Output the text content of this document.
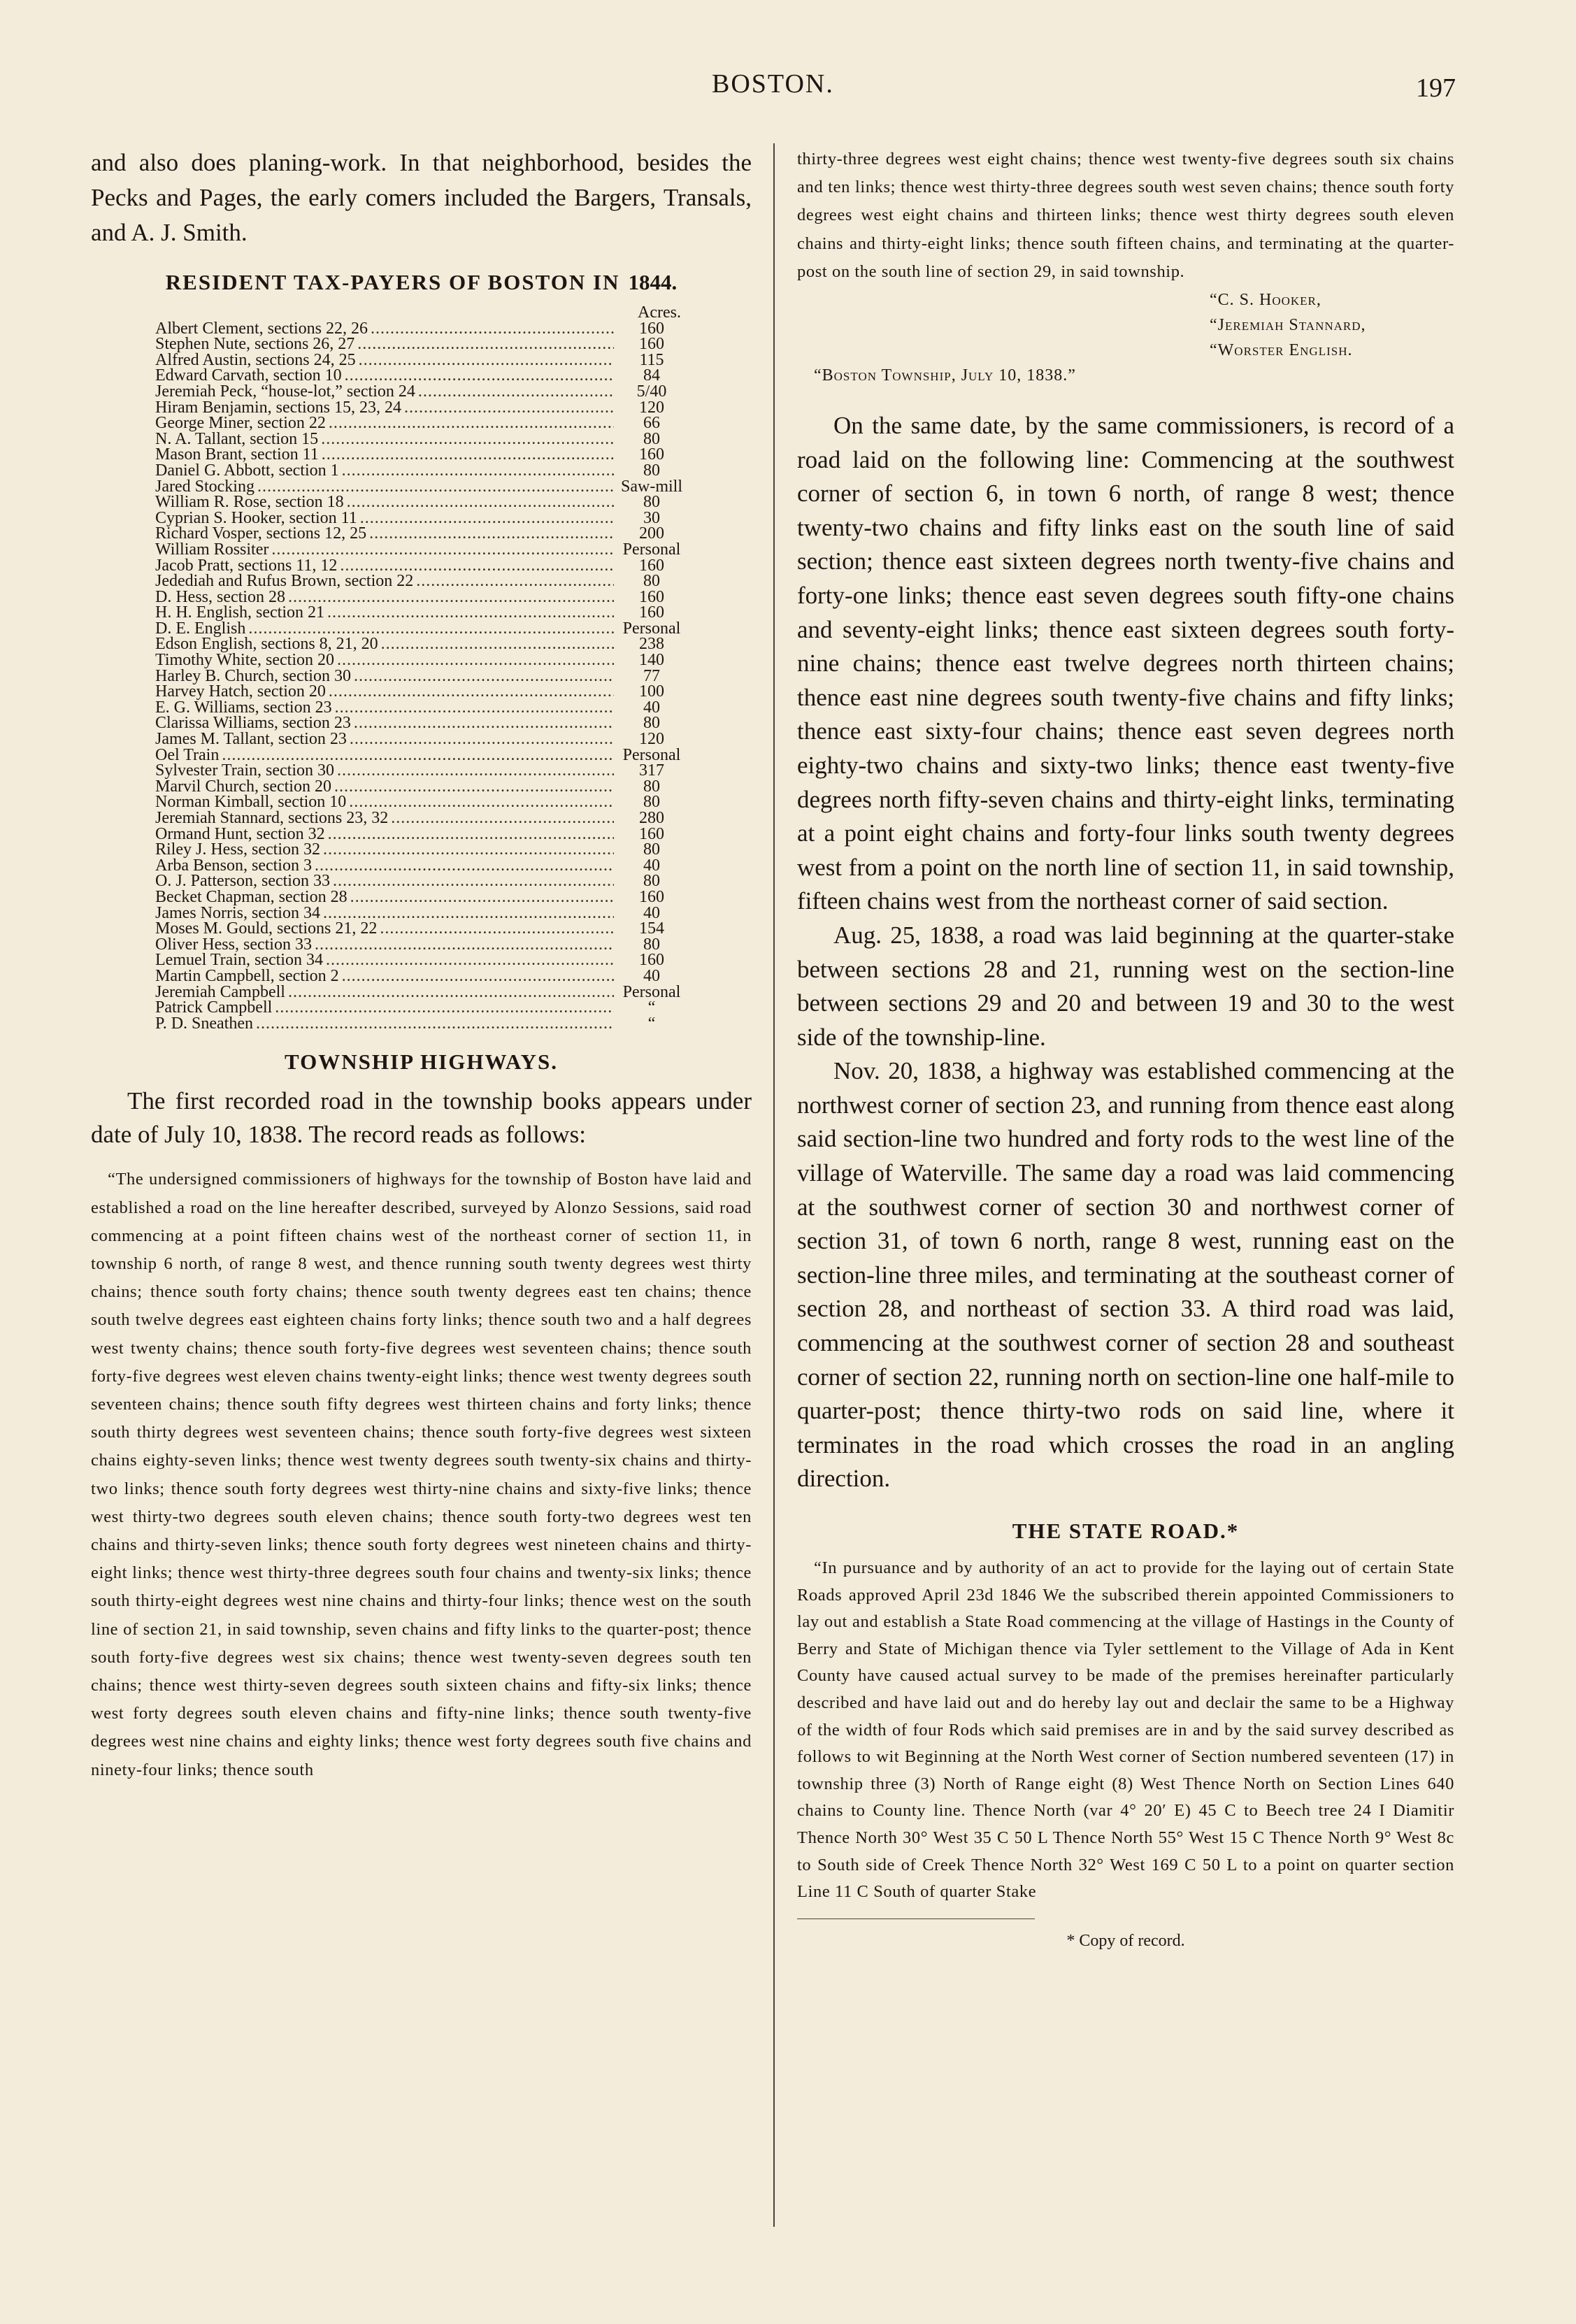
BOSTON.	197

and also does planing-work. In that neighborhood, besides the Pecks and Pages, the early comers included the Bargers, Transals, and A. J. Smith.

RESIDENT TAX-PAYERS OF BOSTON IN 1844.
Acres.
Albert Clement, sections 22, 26 .....	160
Stephen Nute, sections 26, 27 .....	160
Alfred Austin, sections 24, 25 .....	115
Edward Carvath, section 10 .....	84
Jeremiah Peck, “house-lot,” section 24 .....	5/40
Hiram Benjamin, sections 15, 23, 24 .....	120
George Miner, section 22 .....	66
N. A. Tallant, section 15 .....	80
Mason Brant, section 11 .....	160
Daniel G. Abbott, section 1 .....	80
Jared Stocking .....	Saw-mill
William R. Rose, section 18 .....	80
Cyprian S. Hooker, section 11 .....	30
Richard Vosper, sections 12, 25 .....	200
William Rossiter .....	Personal
Jacob Pratt, sections 11, 12 .....	160
Jedediah and Rufus Brown, section 22 .....	80
D. Hess, section 28 .....	160
H. H. English, section 21 .....	160
D. E. English .....	Personal
Edson English, sections 8, 21, 20 .....	238
Timothy White, section 20 .....	140
Harley B. Church, section 30 .....	77
Harvey Hatch, section 20 .....	100
E. G. Williams, section 23 .....	40
Clarissa Williams, section 23 .....	80
James M. Tallant, section 23 .....	120
Oel Train .....	Personal
Sylvester Train, section 30 .....	317
Marvil Church, section 20 .....	80
Norman Kimball, section 10 .....	80
Jeremiah Stannard, sections 23, 32 .....	280
Ormand Hunt, section 32 .....	160
Riley J. Hess, section 32 .....	80
Arba Benson, section 3 .....	40
O. J. Patterson, section 33 .....	80
Becket Chapman, section 28 .....	160
James Norris, section 34 .....	40
Moses M. Gould, sections 21, 22 .....	154
Oliver Hess, section 33 .....	80
Lemuel Train, section 34 .....	160
Martin Campbell, section 2 .....	40
Jeremiah Campbell .....	Personal
Patrick Campbell .....	“
P. D. Sneathen .....	“
TOWNSHIP HIGHWAYS.

The first recorded road in the township books appears under date of July 10, 1838. The record reads as follows:

“The undersigned commissioners of highways for the township of Boston have laid and established a road on the line hereafter described, surveyed by Alonzo Sessions, said road commencing at a point fifteen chains west of the northeast corner of section 11, in township 6 north, of range 8 west, and thence running south twenty degrees west thirty chains; thence south forty chains; thence south twenty degrees east ten chains; thence south twelve degrees east eighteen chains forty links; thence south two and a half degrees west twenty chains; thence south forty-five degrees west seventeen chains; thence south forty-five degrees west eleven chains twenty-eight links; thence west twenty degrees south seventeen chains; thence south fifty degrees west thirteen chains and forty links; thence south thirty degrees west seventeen chains; thence south forty-five degrees west sixteen chains eighty-seven links; thence west twenty degrees south twenty-six chains and thirty-two links; thence south forty degrees west thirty-nine chains and sixty-five links; thence west thirty-two degrees south eleven chains; thence south forty-two degrees west ten chains and thirty-seven links; thence south forty degrees west nineteen chains and thirty-eight links; thence west thirty-three degrees south four chains and twenty-six links; thence south thirty-eight degrees west nine chains and thirty-four links; thence west on the south line of section 21, in said township, seven chains and fifty links to the quarter-post; thence south forty-five degrees west six chains; thence west twenty-seven degrees south ten chains; thence west thirty-seven degrees south sixteen chains and fifty-six links; thence west forty degrees south eleven chains and fifty-nine links; thence south twenty-five degrees west nine chains and eighty links; thence west forty degrees south five chains and ninety-four links; thence south

thirty-three degrees west eight chains; thence west twenty-five degrees south six chains and ten links; thence west thirty-three degrees south west seven chains; thence south forty degrees west eight chains and thirteen links; thence west thirty degrees south eleven chains and thirty-eight links; thence south fifteen chains, and terminating at the quarter-post on the south line of section 29, in said township.

“C. S. Hooker,
“Jeremiah Stannard,
“Worster English.
“Boston Township, July 10, 1838.”

On the same date, by the same commissioners, is record of a road laid on the following line: Commencing at the southwest corner of section 6, in town 6 north, of range 8 west; thence twenty-two chains and fifty links east on the south line of said section; thence east sixteen degrees north twenty-five chains and forty-one links; thence east seven degrees south fifty-one chains and seventy-eight links; thence east sixteen degrees south forty-nine chains; thence east twelve degrees north thirteen chains; thence east nine degrees south twenty-five chains and fifty links; thence east sixty-four chains; thence east seven degrees north eighty-two chains and sixty-two links; thence east twenty-five degrees north fifty-seven chains and thirty-eight links, terminating at a point eight chains and forty-four links south twenty degrees west from a point on the north line of section 11, in said township, fifteen chains west from the northeast corner of said section.

Aug. 25, 1838, a road was laid beginning at the quarter-stake between sections 28 and 21, running west on the section-line between sections 29 and 20 and between 19 and 30 to the west side of the township-line.

Nov. 20, 1838, a highway was established commencing at the northwest corner of section 23, and running from thence east along said section-line two hundred and forty rods to the west line of the village of Waterville. The same day a road was laid commencing at the southwest corner of section 30 and northwest corner of section 31, of town 6 north, range 8 west, running east on the section-line three miles, and terminating at the southeast corner of section 28, and northeast of section 33. A third road was laid, commencing at the southwest corner of section 28 and southeast corner of section 22, running north on section-line one half-mile to quarter-post; thence thirty-two rods on said line, where it terminates in the road which crosses the road in an angling direction.

THE STATE ROAD.*

“In pursuance and by authority of an act to provide for the laying out of certain State Roads approved April 23d 1846 We the subscribed therein appointed Commissioners to lay out and establish a State Road commencing at the village of Hastings in the County of Berry and State of Michigan thence via Tyler settlement to the Village of Ada in Kent County have caused actual survey to be made of the premises hereinafter particularly described and have laid out and do hereby lay out and declair the same to be a Highway of the width of four Rods which said premises are in and by the said survey described as follows to wit Beginning at the North West corner of Section numbered seventeen (17) in township three (3) North of Range eight (8) West Thence North on Section Lines 640 chains to County line. Thence North (var 4° 20′ E) 45 C to Beech tree 24 I Diamitir Thence North 30° West 35 C 50 L Thence North 55° West 15 C Thence North 9° West 8c to South side of Creek Thence North 32° West 169 C 50 L to a point on quarter section Line 11 C South of quarter Stake

* Copy of record.
